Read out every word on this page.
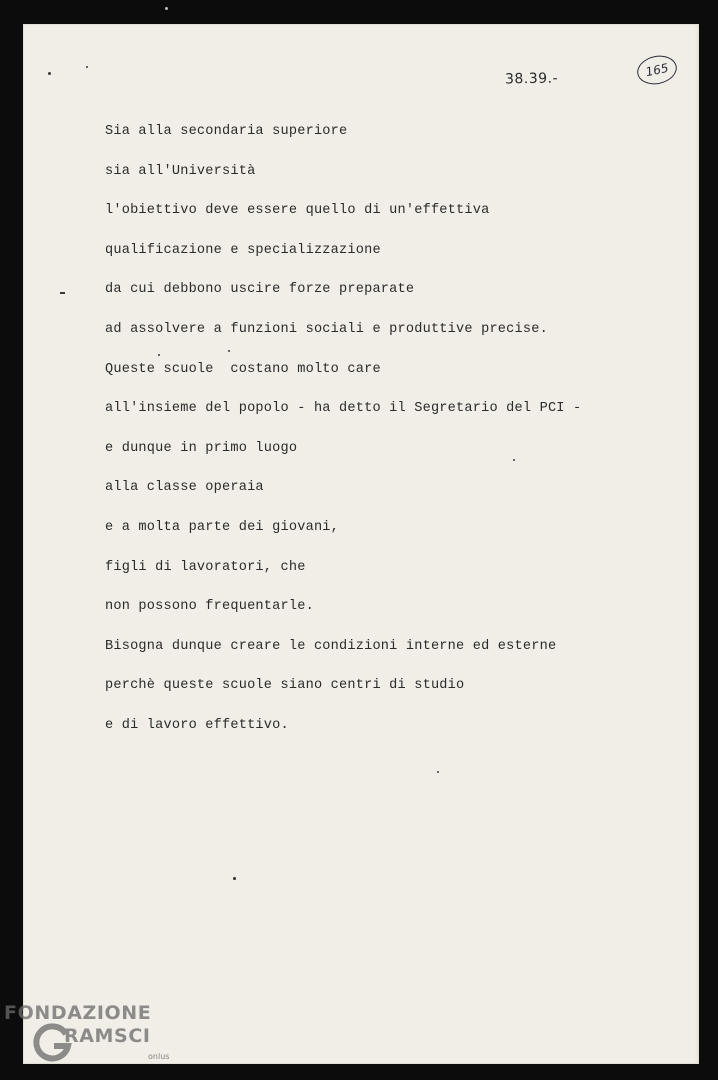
38.39.-	165
Sia alla secondaria superiore
sia all'Università
l'obiettivo deve essere quello di un'effettiva
qualificazione e specializzazione
da cui debbono uscire forze preparate
ad assolvere a funzioni sociali e produttive precise.
Queste scuole  costano molto care
all'insieme del popolo - ha detto il Segretario del PCI -
e dunque in primo luogo
alla classe operaia
e a molta parte dei giovani,
figli di lavoratori, che
non possono frequentarle.
Bisogna dunque creare le condizioni interne ed esterne
perchè queste scuole siano centri di studio
e di lavoro effettivo.
FONDAZIONE
RAMSCI
onlus
